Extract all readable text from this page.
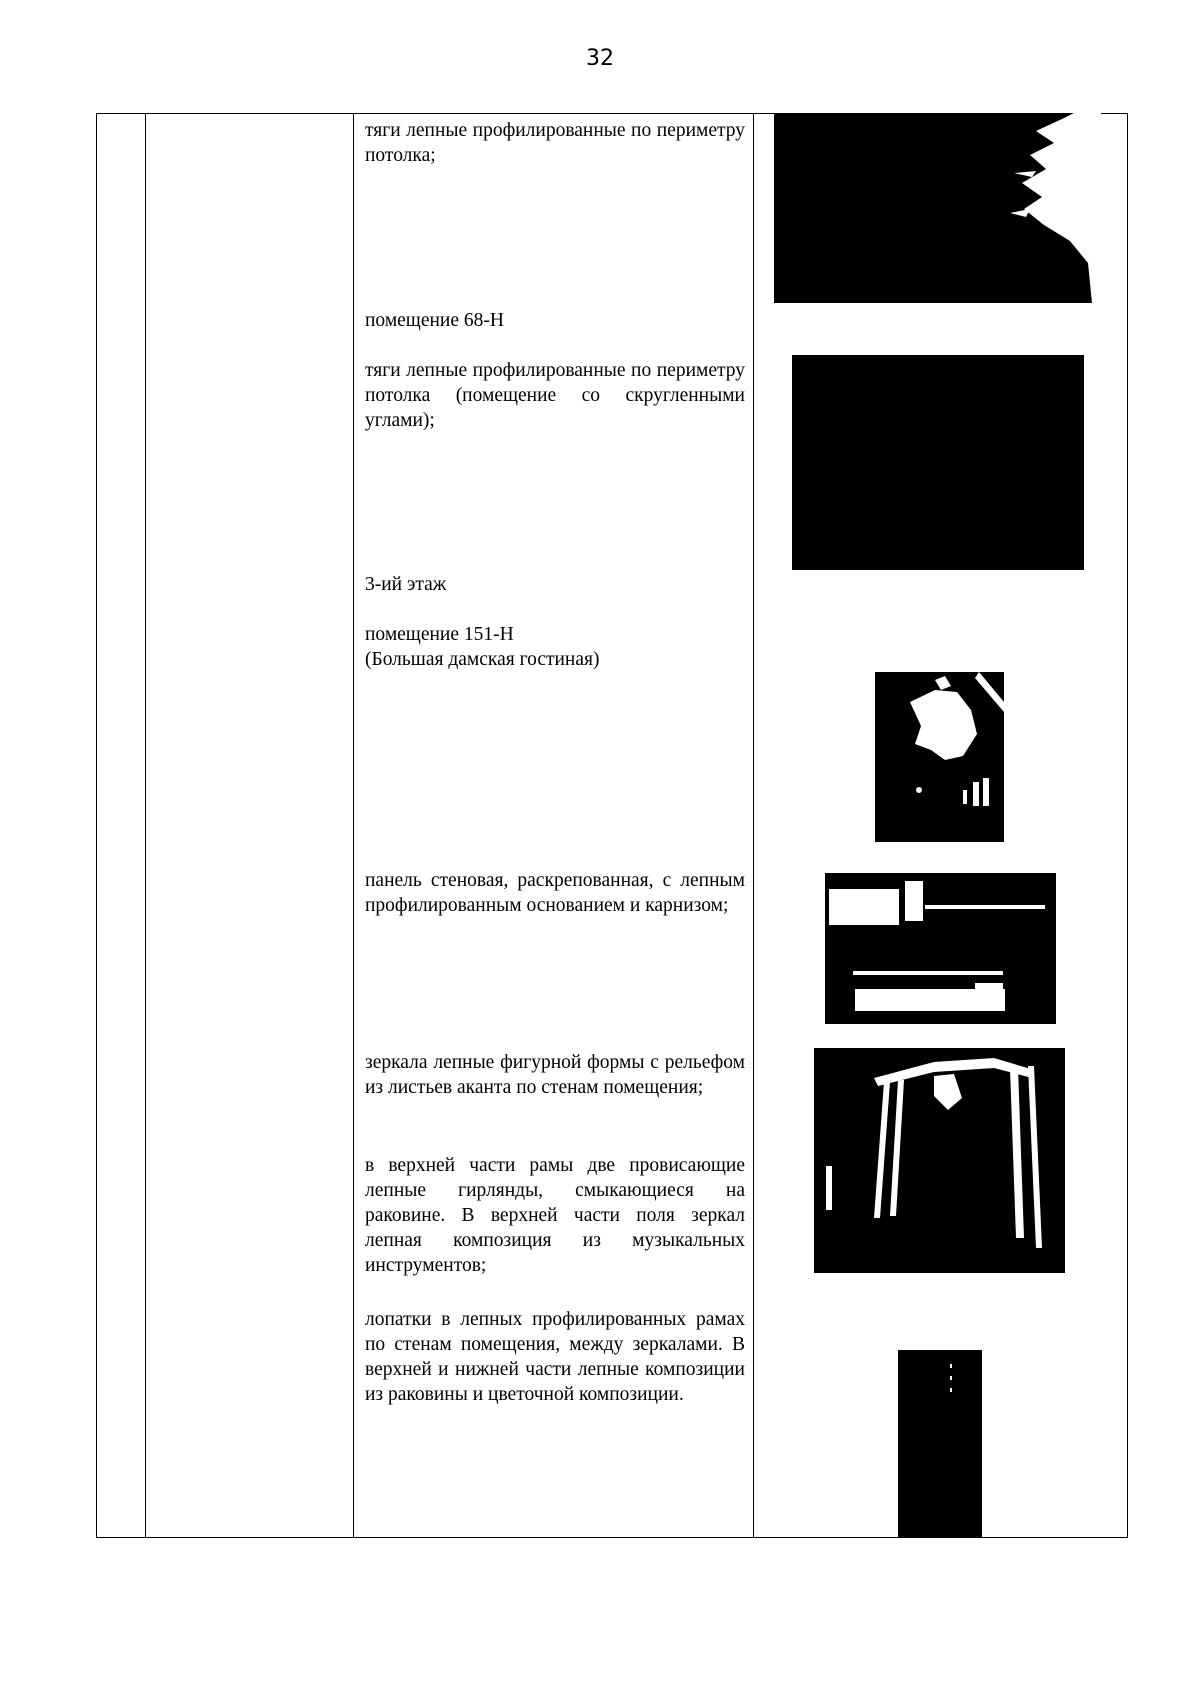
32
тяги лепные профилированные по периметру потолка;
помещение 68-Н
тяги лепные профилированные по периметру потолка (помещение со скругленными углами);
3-ий этаж
помещение 151-Н
(Большая дамская гостиная)
панель стеновая, раскрепованная, с лепным профилированным основанием и карнизом;
зеркала лепные фигурной формы с рельефом из листьев аканта по стенам помещения;
в верхней части рамы две провисающие лепные гирлянды, смыкающиеся на раковине. В верхней части поля зеркал лепная композиция из музыкальных инструментов;
лопатки в лепных профилированных рамах по стенам помещения, между зеркалами. В верхней и нижней части лепные композиции из раковины и цветочной композиции.
